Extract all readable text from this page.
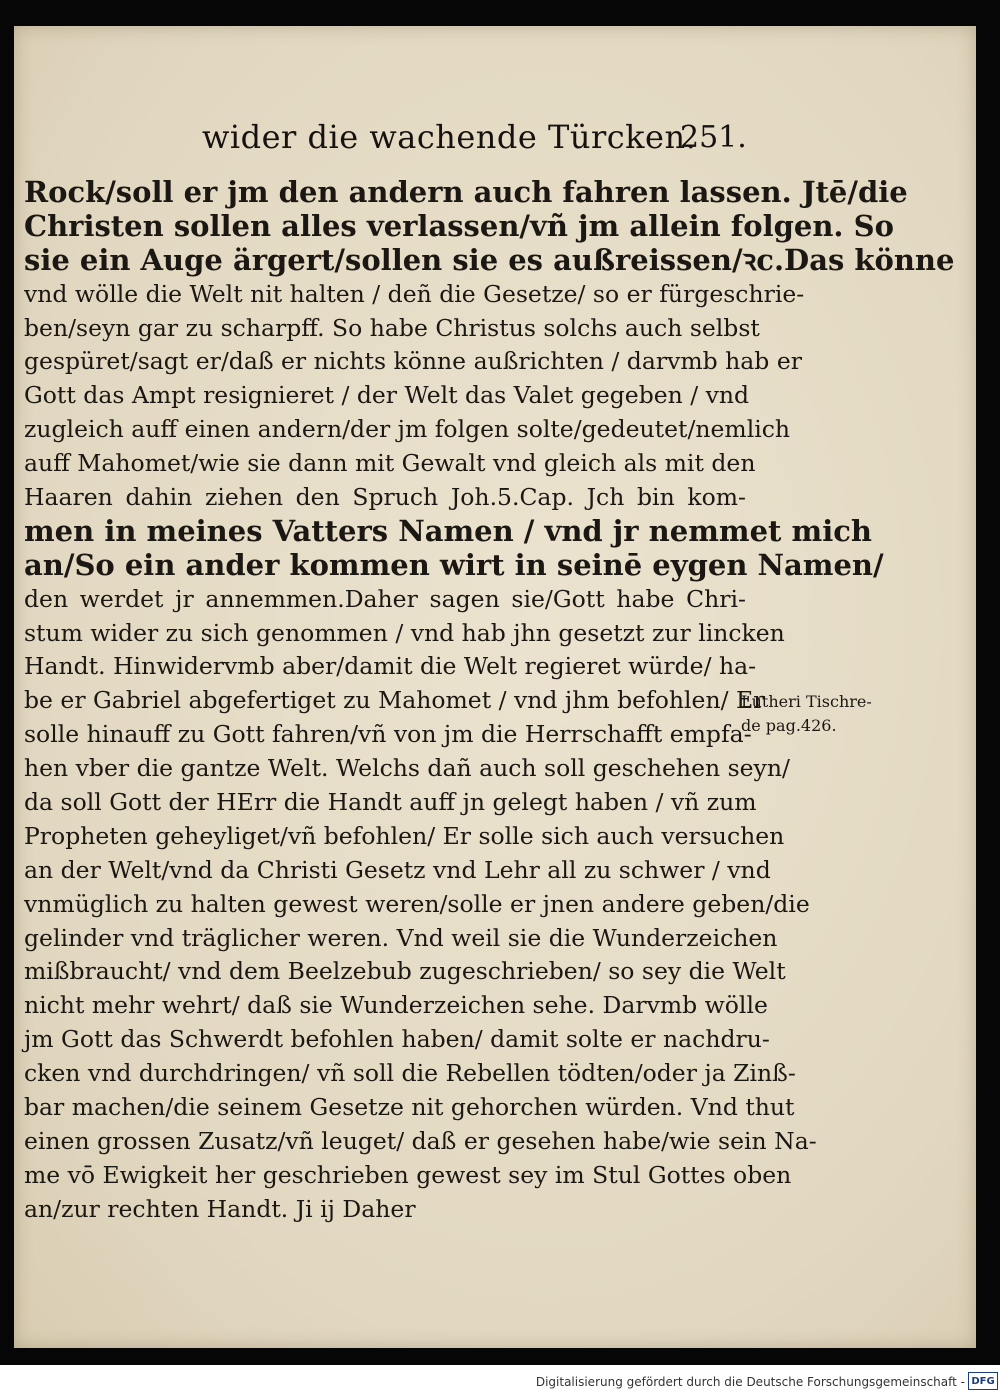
wider die wachende Türcken.
251.
Rock/soll er jm den andern auch fahren lassen. Jtē/die
Christen sollen alles verlassen/vñ jm allein folgen. So
sie ein Auge ärgert/sollen sie es außreissen/ꝛc.Das könne
vnd wölle die Welt nit halten / deñ die Gesetze/ so er fürgeschrie-
ben/seyn gar zu scharpff. So habe Christus solchs auch selbst
gespüret/sagt er/daß er nichts könne außrichten / darvmb hab er
Gott das Ampt resignieret / der Welt das Valet gegeben / vnd
zugleich auff einen andern/der jm folgen solte/gedeutet/nemlich
auff Mahomet/wie sie dann mit Gewalt vnd gleich als mit den
Haaren dahin ziehen den Spruch Joh.5.Cap. Jch bin kom-
men in meines Vatters Namen / vnd jr nemmet mich
an/So ein ander kommen wirt in seinē eygen Namen/
den werdet jr annemmen.Daher sagen sie/Gott habe Chri-
stum wider zu sich genommen / vnd hab jhn gesetzt zur lincken
Handt. Hinwidervmb aber/damit die Welt regieret würde/ ha-
be er Gabriel abgefertiget zu Mahomet / vnd jhm befohlen/ Er
solle hinauff zu Gott fahren/vñ von jm die Herrschafft empfa-
hen vber die gantze Welt. Welchs dañ auch soll geschehen seyn/
da soll Gott der HErr die Handt auff jn gelegt haben / vñ zum
Propheten geheyliget/vñ befohlen/ Er solle sich auch versuchen
an der Welt/vnd da Christi Gesetz vnd Lehr all zu schwer / vnd
vnmüglich zu halten gewest weren/solle er jnen andere geben/die
gelinder vnd träglicher weren. Vnd weil sie die Wunderzeichen
mißbraucht/ vnd dem Beelzebub zugeschrieben/ so sey die Welt
nicht mehr wehrt/ daß sie Wunderzeichen sehe. Darvmb wölle
jm Gott das Schwerdt befohlen haben/ damit solte er nachdru-
cken vnd durchdringen/ vñ soll die Rebellen tödten/oder ja Zinß-
bar machen/die seinem Gesetze nit gehorchen würden. Vnd thut
einen grossen Zusatz/vñ leuget/ daß er gesehen habe/wie sein Na-
me vō Ewigkeit her geschrieben gewest sey im Stul Gottes oben
an/zur rechten Handt. Ji ij Daher
Lutheri Tischre-
de pag.426.
Digitalisierung gefördert durch die Deutsche Forschungsgemeinschaft - DFG
